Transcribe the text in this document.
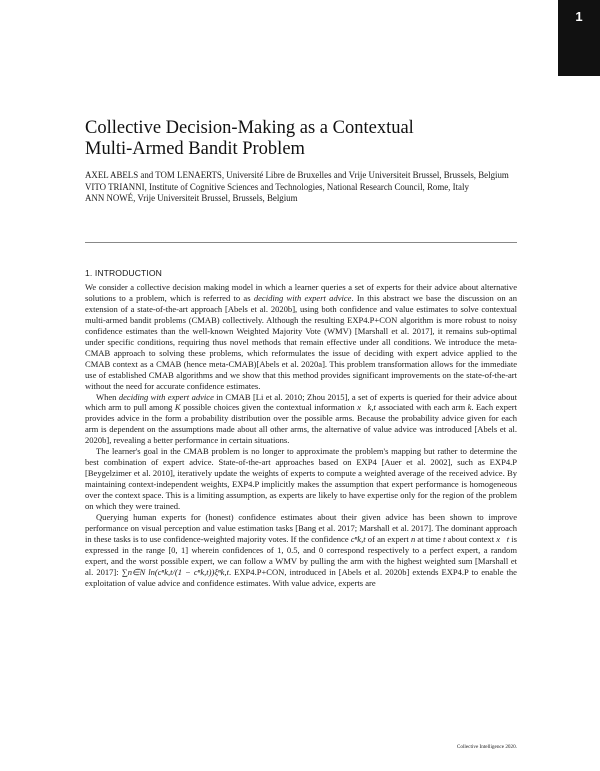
1
Collective Decision-Making as a Contextual
Multi-Armed Bandit Problem

AXEL ABELS and TOM LENAERTS, Université Libre de Bruxelles and Vrije Universiteit Brussel, Brussels, Belgium

VITO TRIANNI, Institute of Cognitive Sciences and Technologies, National Research Council, Rome, Italy

ANN NOWÉ, Vrije Universiteit Brussel, Brussels, Belgium

1. INTRODUCTION

We consider a collective decision making model in which a learner queries a set of experts for their advice about alternative solutions to a problem, which is referred to as deciding with expert advice. In this abstract we base the discussion on an extension of a state-of-the-art approach [Abels et al. 2020b], using both confidence and value estimates to solve contextual multi-armed bandit problems (CMAB) collectively. Although the resulting EXP4.P+CON algorithm is more robust to noisy confidence estimates than the well-known Weighted Majority Vote (WMV) [Marshall et al. 2017], it remains sub-optimal under specific conditions, requiring thus novel methods that remain effective under all conditions. We introduce the meta-CMAB approach to solving these problems, which reformulates the issue of deciding with expert advice applied to the CMAB context as a CMAB (hence meta-CMAB)[Abels et al. 2020a]. This problem transformation allows for the immediate use of established CMAB algorithms and we show that this method provides significant improvements on the state-of-the-art without the need for accurate confidence estimates.

When deciding with expert advice in CMAB [Li et al. 2010; Zhou 2015], a set of experts is queried for their advice about which arm to pull among K possible choices given the contextual information x⃗k,t associated with each arm k. Each expert provides advice in the form a probability distribution over the possible arms. Because the probability advice given for each arm is dependent on the assumptions made about all other arms, the alternative of value advice was introduced [Abels et al. 2020b], revealing a better performance in certain situations.

The learner's goal in the CMAB problem is no longer to approximate the problem's mapping but rather to determine the best combination of expert advice. State-of-the-art approaches based on EXP4 [Auer et al. 2002], such as EXP4.P [Beygelzimer et al. 2010], iteratively update the weights of experts to compute a weighted average of the received advice. By maintaining context-independent weights, EXP4.P implicitly makes the assumption that expert performance is homogeneous over the context space. This is a limiting assumption, as experts are likely to have expertise only for the region of the problem on which they were trained.

Querying human experts for (honest) confidence estimates about their given advice has been shown to improve performance on visual perception and value estimation tasks [Bang et al. 2017; Marshall et al. 2017]. The dominant approach in these tasks is to use confidence-weighted majority votes. If the confidence cⁿk,t of an expert n at time t about context x⃗t is expressed in the range [0, 1] wherein confidences of 1, 0.5, and 0 correspond respectively to a perfect expert, a random expert, and the worst possible expert, we can follow a WMV by pulling the arm with the highest weighted sum [Marshall et al. 2017]: ∑n∈N ln(cⁿk,t/(1 − cⁿk,t))ξⁿk,t. EXP4.P+CON, introduced in [Abels et al. 2020b] extends EXP4.P to enable the exploitation of value advice and confidence estimates. With value advice, experts are

Collective Intelligence 2020.
